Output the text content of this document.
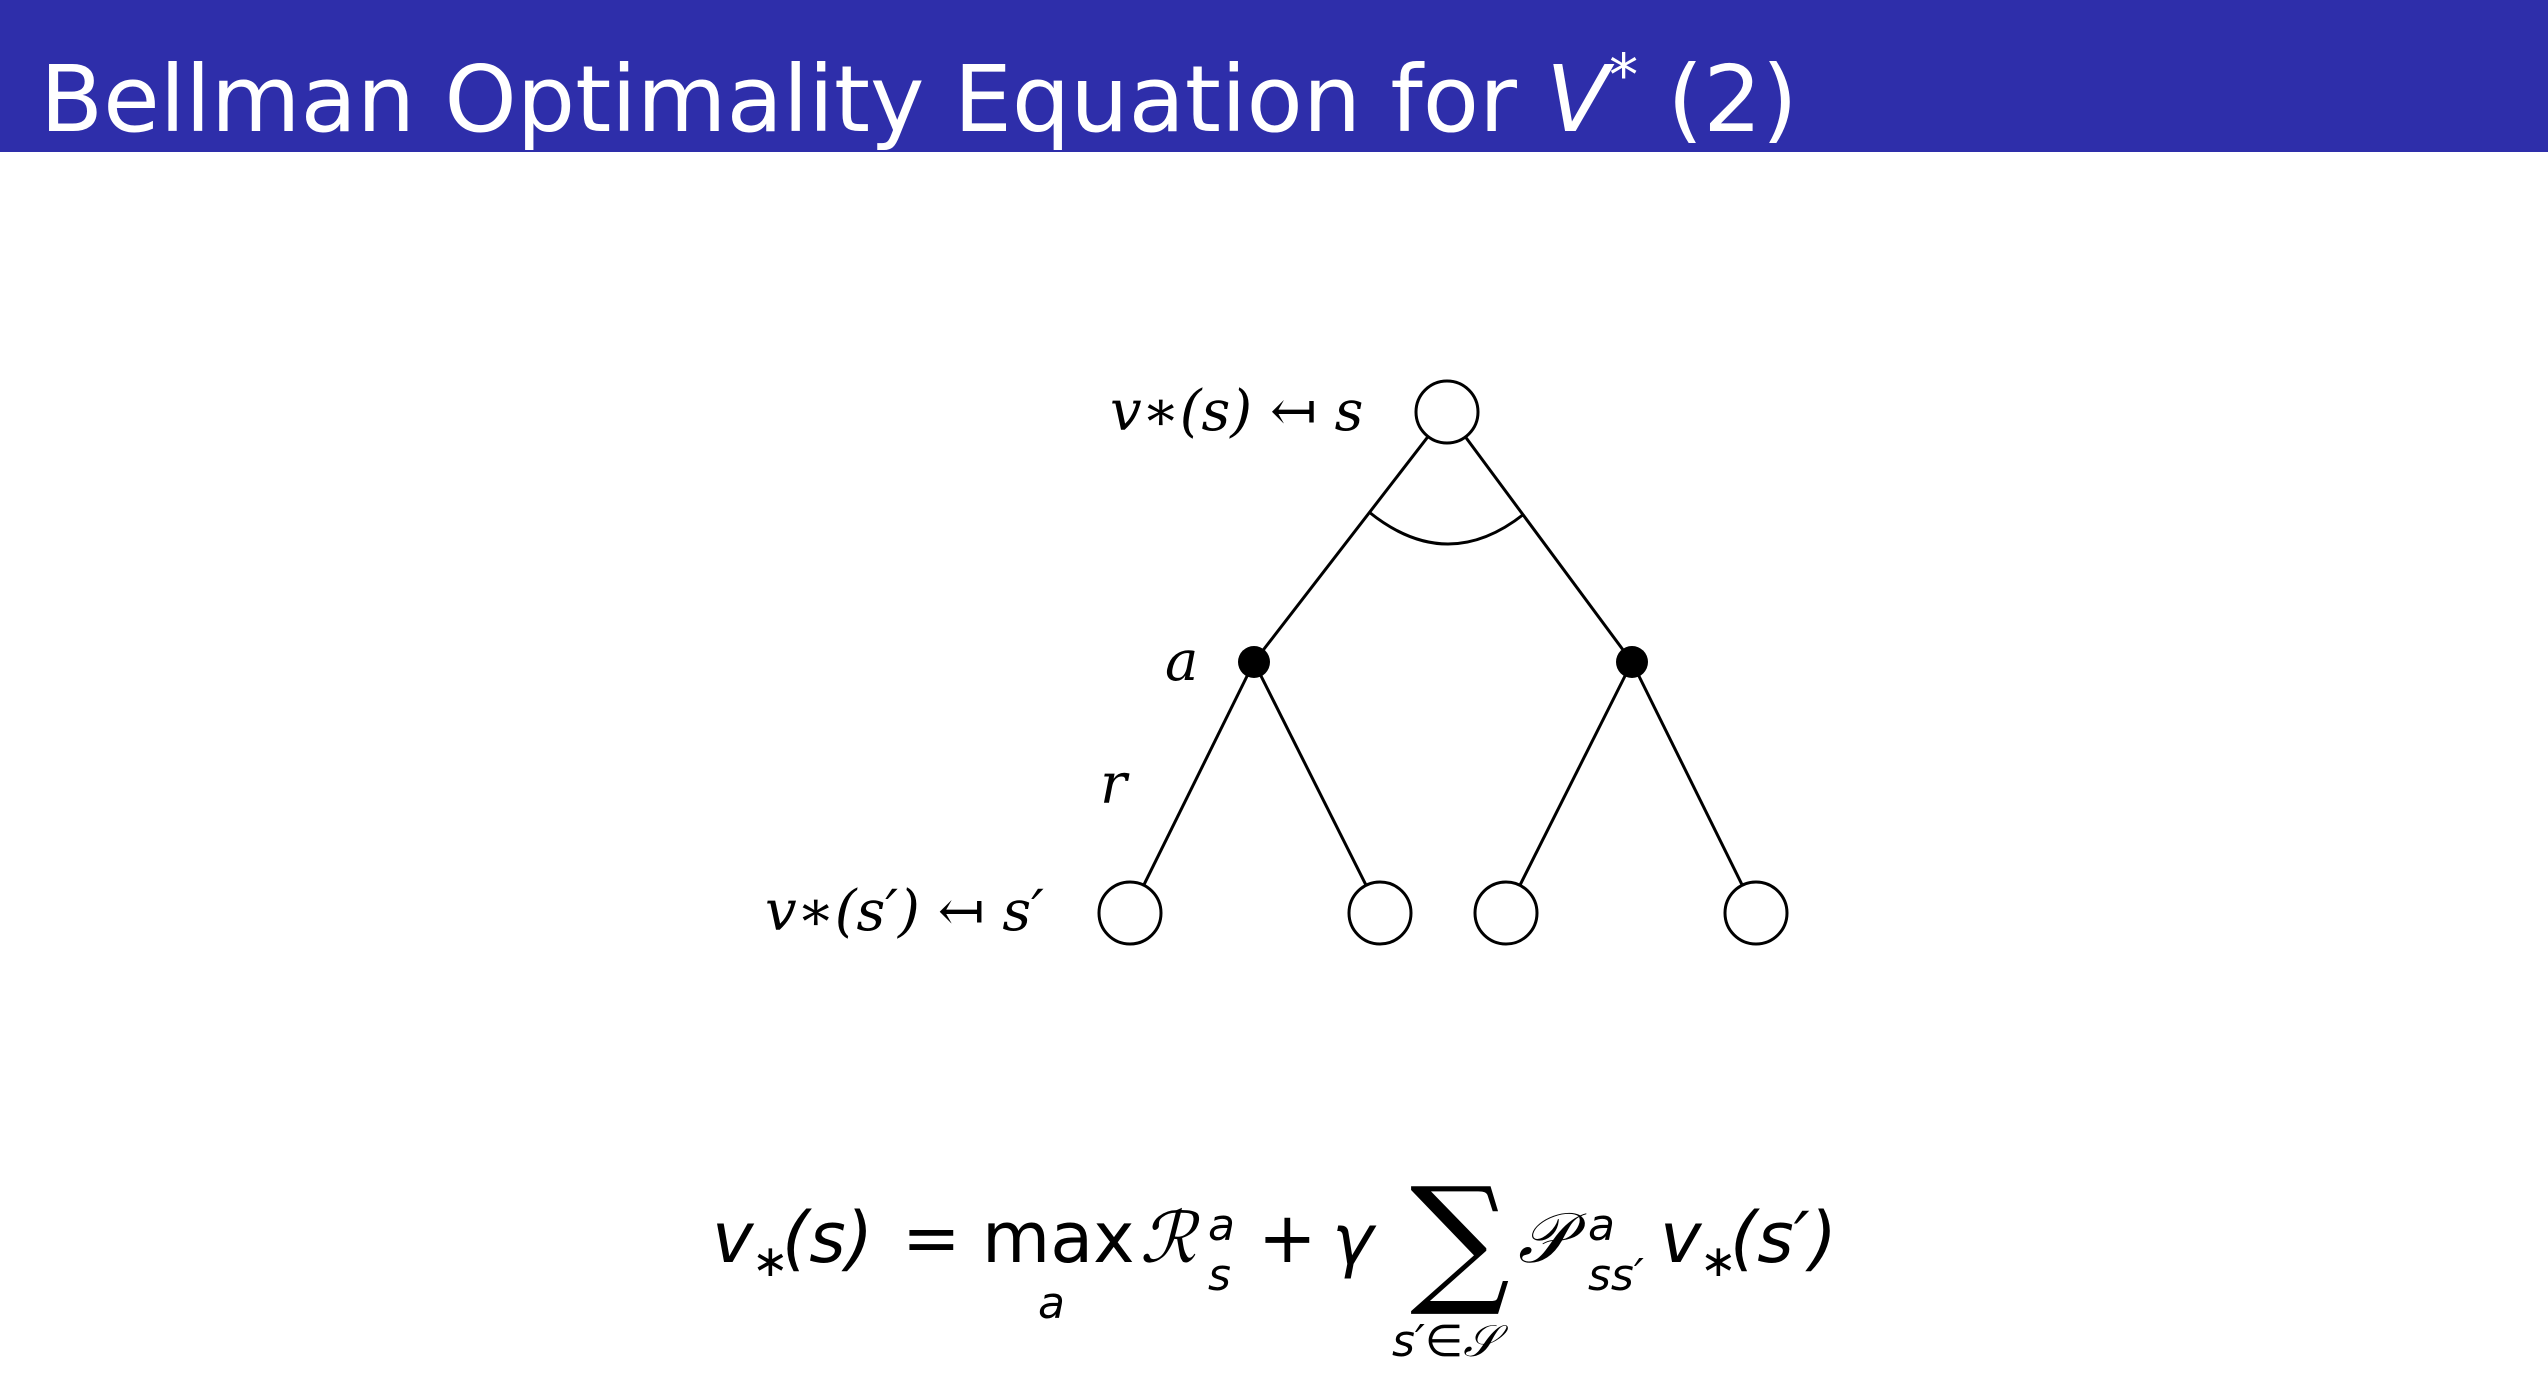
Bellman Optimality Equation for V* (2)
v∗(s) ↤ s
a
r
v∗(s′) ↤ s′
v
∗
(s) = max
a
ℛ a
s + γ ∑
s′∈𝒮
𝒫 a
ss′ v
∗
(s′)
